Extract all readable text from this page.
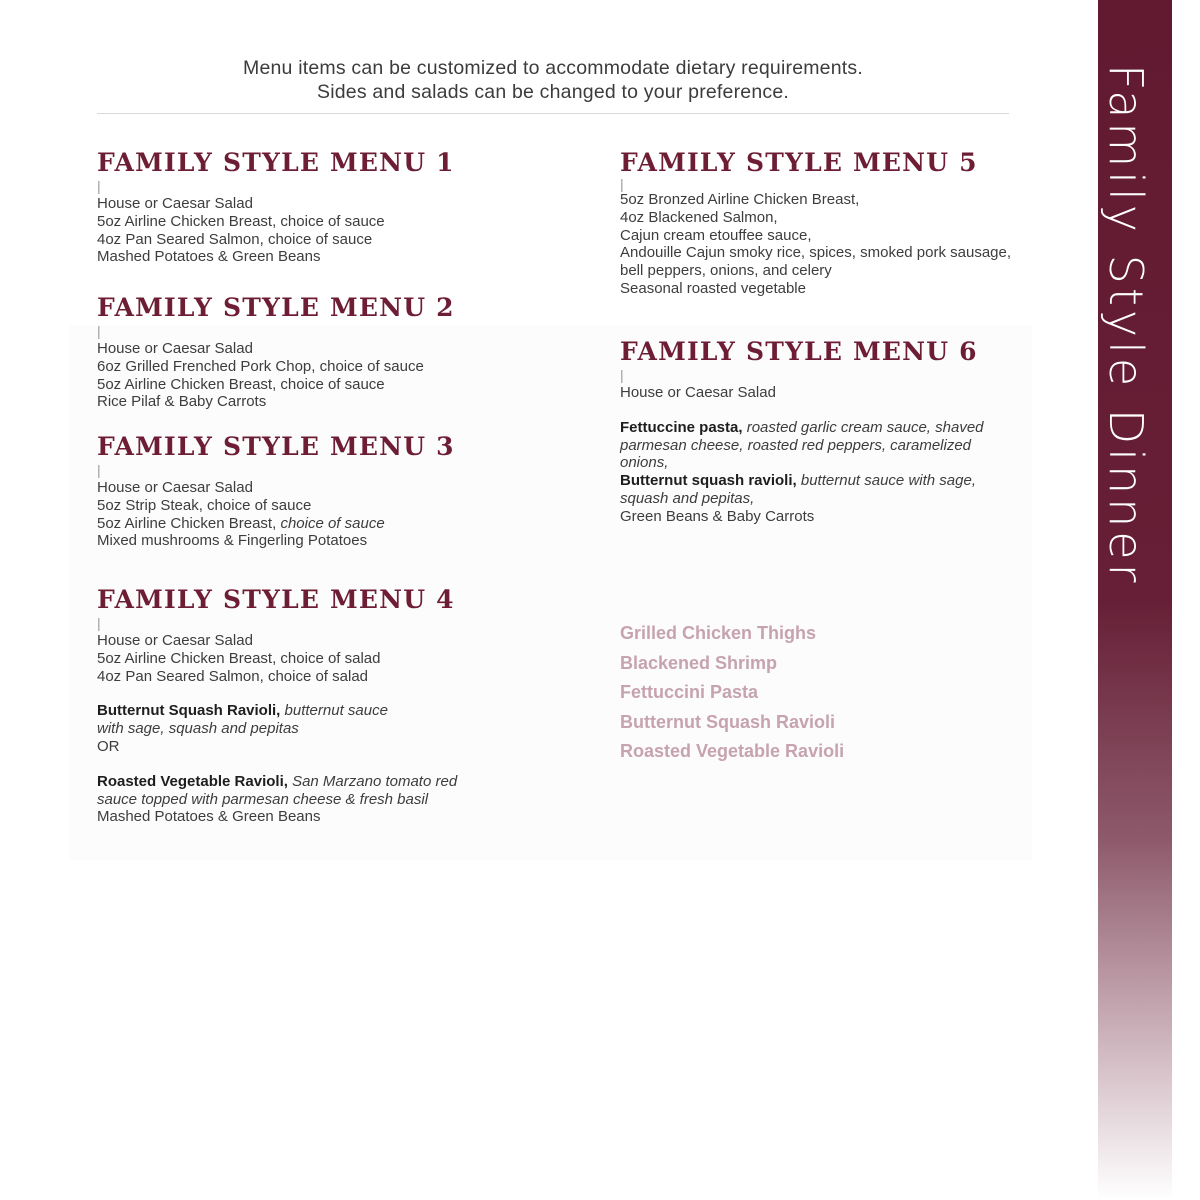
Family Style Dinner
Menu items can be customized to accommodate dietary requirements.
Sides and salads can be changed to your preference.
FAMILY STYLE MENU 1
|
House or Caesar Salad
5oz Airline Chicken Breast, choice of sauce
4oz Pan Seared Salmon, choice of sauce
Mashed Potatoes & Green Beans
FAMILY STYLE MENU 2
|
House or Caesar Salad
6oz Grilled Frenched Pork Chop, choice of sauce
5oz Airline Chicken Breast, choice of sauce
Rice Pilaf & Baby Carrots
FAMILY STYLE MENU 3
|
House or Caesar Salad
5oz Strip Steak, choice of sauce
5oz Airline Chicken Breast, choice of sauce
Mixed mushrooms & Fingerling Potatoes
FAMILY STYLE MENU 4
|
House or Caesar Salad
5oz Airline Chicken Breast, choice of salad
4oz Pan Seared Salmon, choice of salad
Butternut Squash Ravioli, butternut sauce with sage, squash and pepitas
OR
Roasted Vegetable Ravioli, San Marzano tomato red sauce topped with parmesan cheese & fresh basil
Mashed Potatoes & Green Beans
FAMILY STYLE MENU 5
|
5oz Bronzed Airline Chicken Breast,
4oz Blackened Salmon,
Cajun cream etouffee sauce,
Andouille Cajun smoky rice, spices, smoked pork sausage,
bell peppers, onions, and celery
Seasonal roasted vegetable
FAMILY STYLE MENU 6
|
House or Caesar Salad
Fettuccine pasta, roasted garlic cream sauce, shaved parmesan cheese, roasted red peppers, caramelized onions,
Butternut squash ravioli, butternut sauce with sage, squash and pepitas,
Green Beans & Baby Carrots
Grilled Chicken Thighs
Blackened Shrimp
Fettuccini Pasta
Butternut Squash Ravioli
Roasted Vegetable Ravioli
